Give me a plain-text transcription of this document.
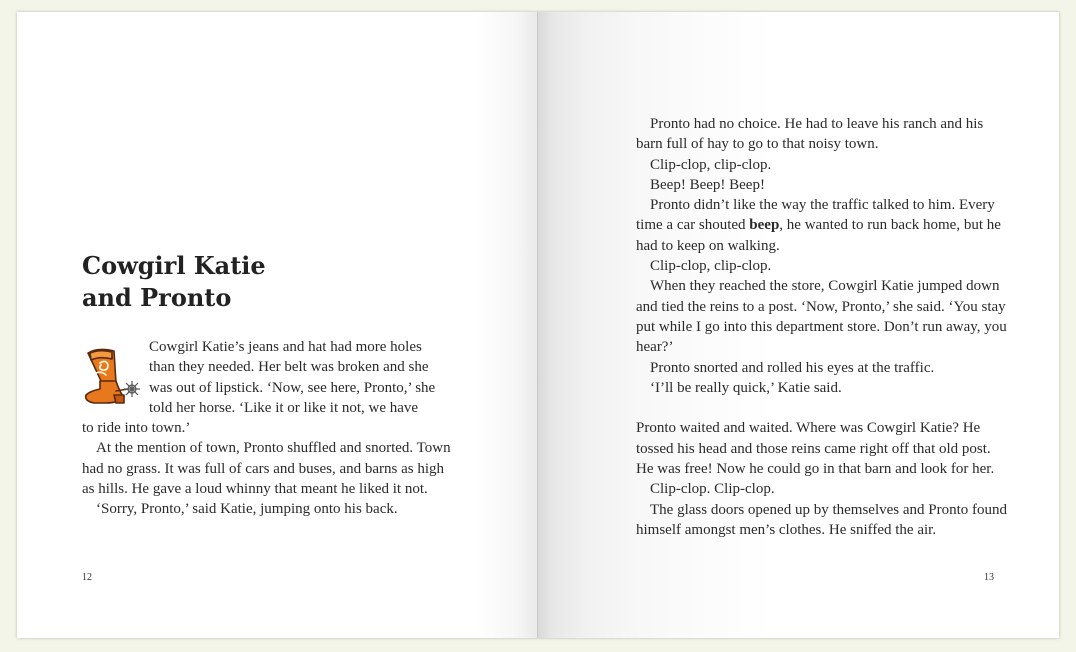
Cowgirl Katie
and Pronto

Cowgirl Katie’s jeans and hat had more holes

than they needed. Her belt was broken and she

was out of lipstick. ‘Now, see here, Pronto,’ she

told her horse. ‘Like it or like it not, we have

to ride into town.’

At the mention of town, Pronto shuffled and snorted. Town had no grass. It was full of cars and buses, and barns as high as hills. He gave a loud whinny that meant he liked it not.

‘Sorry, Pronto,’ said Katie, jumping onto his back.

12

Pronto had no choice. He had to leave his ranch and his barn full of hay to go to that noisy town.

Clip-clop, clip-clop.

Beep! Beep! Beep!

Pronto didn’t like the way the traffic talked to him. Every time a car shouted beep, he wanted to run back home, but he had to keep on walking.

Clip-clop, clip-clop.

When they reached the store, Cowgirl Katie jumped down and tied the reins to a post. ‘Now, Pronto,’ she said. ‘You stay put while I go into this department store. Don’t run away, you hear?’

Pronto snorted and rolled his eyes at the traffic.

‘I’ll be really quick,’ Katie said.

Pronto waited and waited. Where was Cowgirl Katie? He tossed his head and those reins came right off that old post. He was free! Now he could go in that barn and look for her.

Clip-clop. Clip-clop.

The glass doors opened up by themselves and Pronto found himself amongst men’s clothes. He sniffed the air.

13
